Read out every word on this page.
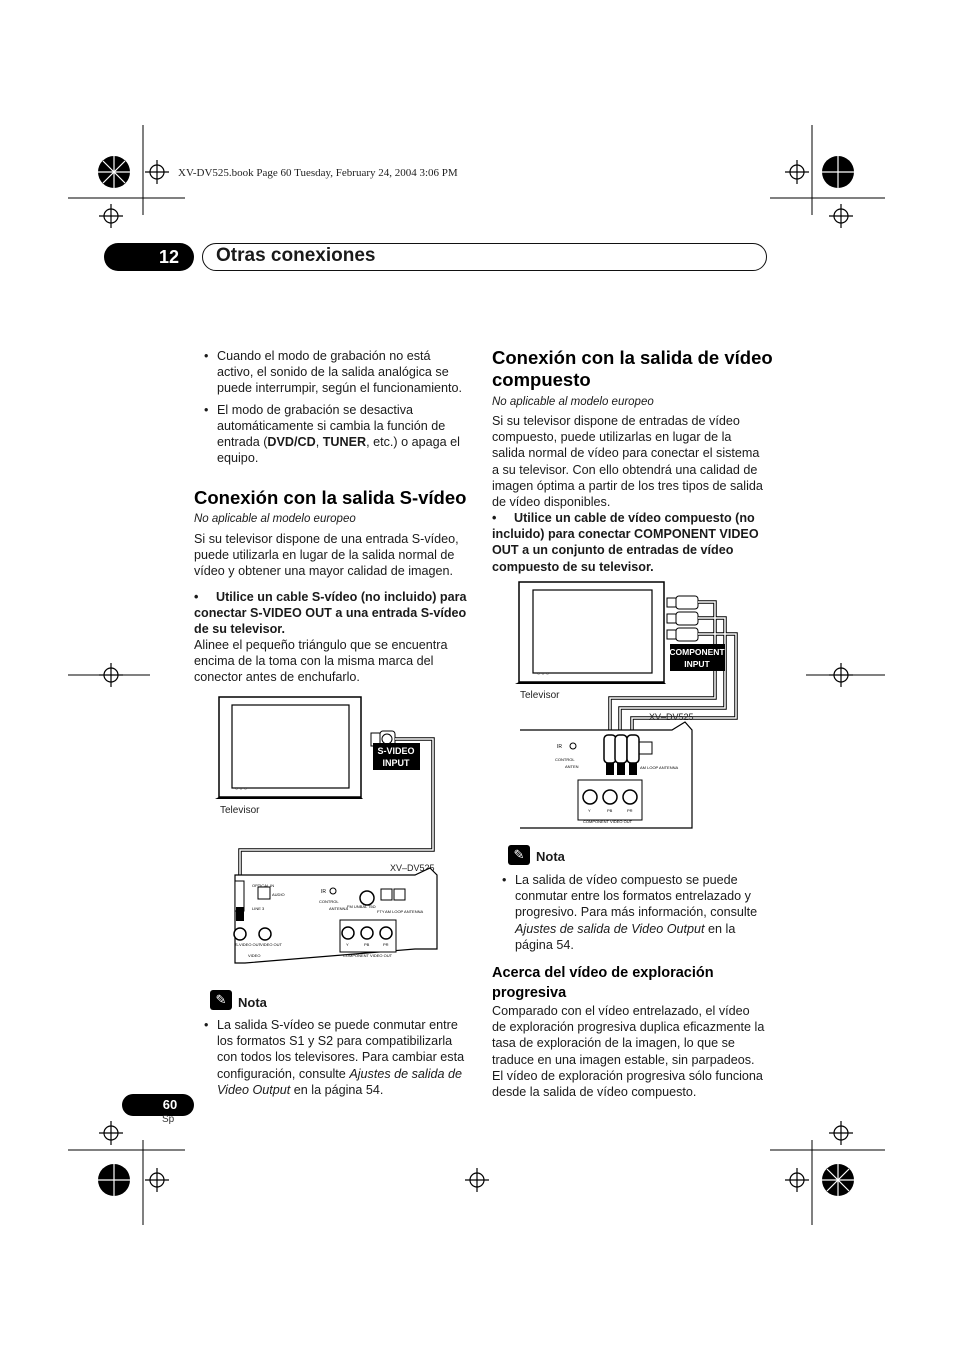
XV-DV525.book Page 60 Tuesday, February 24, 2004 3:06 PM
12	Otras conexiones
• Cuando el modo de grabación no está activo, el sonido de la salida analógica se puede interrumpir, según el funcionamiento.
• El modo de grabación se desactiva automáticamente si cambia la función de entrada (DVD/CD, TUNER, etc.) o apaga el equipo.
Conexión con la salida S-vídeo
No aplicable al modelo europeo
Si su televisor dispone de una entrada S-vídeo, puede utilizarla en lugar de la salida normal de vídeo y obtener una mayor calidad de imagen.
• Utilice un cable S-vídeo (no incluido) para conectar S-VIDEO OUT a una entrada S-vídeo de su televisor.
Alinee el pequeño triángulo que se encuentra encima de la toma con la misma marca del conector antes de enchufarlo.
○ ○ ○
S-VIDEO
INPUT
Televisor
XV–DV525
OPTICAL IN
AUDIO
LINE 3
S-VIDEO OUT
VIDEO OUT
VIDEO
IR
CONTROL
ANTENNA
FM UNBAL 75Ω
FTY AM LOOP ANTENNA
Y	PB	PR
COMPONENT VIDEO OUT
✎ Nota
• La salida S-vídeo se puede conmutar entre los formatos S1 y S2 para compatibilizarla con todos los televisores. Para cambiar esta configuración, consulte Ajustes de salida de Video Output en la página 54.
Conexión con la salida de vídeo compuesto
No aplicable al modelo europeo
Si su televisor dispone de entradas de vídeo compuesto, puede utilizarlas en lugar de la salida normal de vídeo para conectar el sistema a su televisor. Con ello obtendrá una calidad de imagen óptima a partir de los tres tipos de salida de vídeo disponibles.
• Utilice un cable de vídeo compuesto (no incluido) para conectar COMPONENT VIDEO OUT a un conjunto de entradas de vídeo compuesto de su televisor.
○ ○ ○
COMPONENT
INPUT
Televisor
XV–DV525
IR
CONTROL
ANTEN	AM LOOP ANTENNA
Y	PB	PR
COMPONENT VIDEO OUT
✎ Nota
• La salida de vídeo compuesto se puede conmutar entre los formatos entrelazado y progresivo. Para más información, consulte Ajustes de salida de Video Output en la página 54.
Acerca del vídeo de exploración progresiva
Comparado con el vídeo entrelazado, el vídeo de exploración progresiva duplica eficazmente la tasa de exploración de la imagen, lo que se traduce en una imagen estable, sin parpadeos. El vídeo de exploración progresiva sólo funciona desde la salida de vídeo compuesto.
60
Sp
